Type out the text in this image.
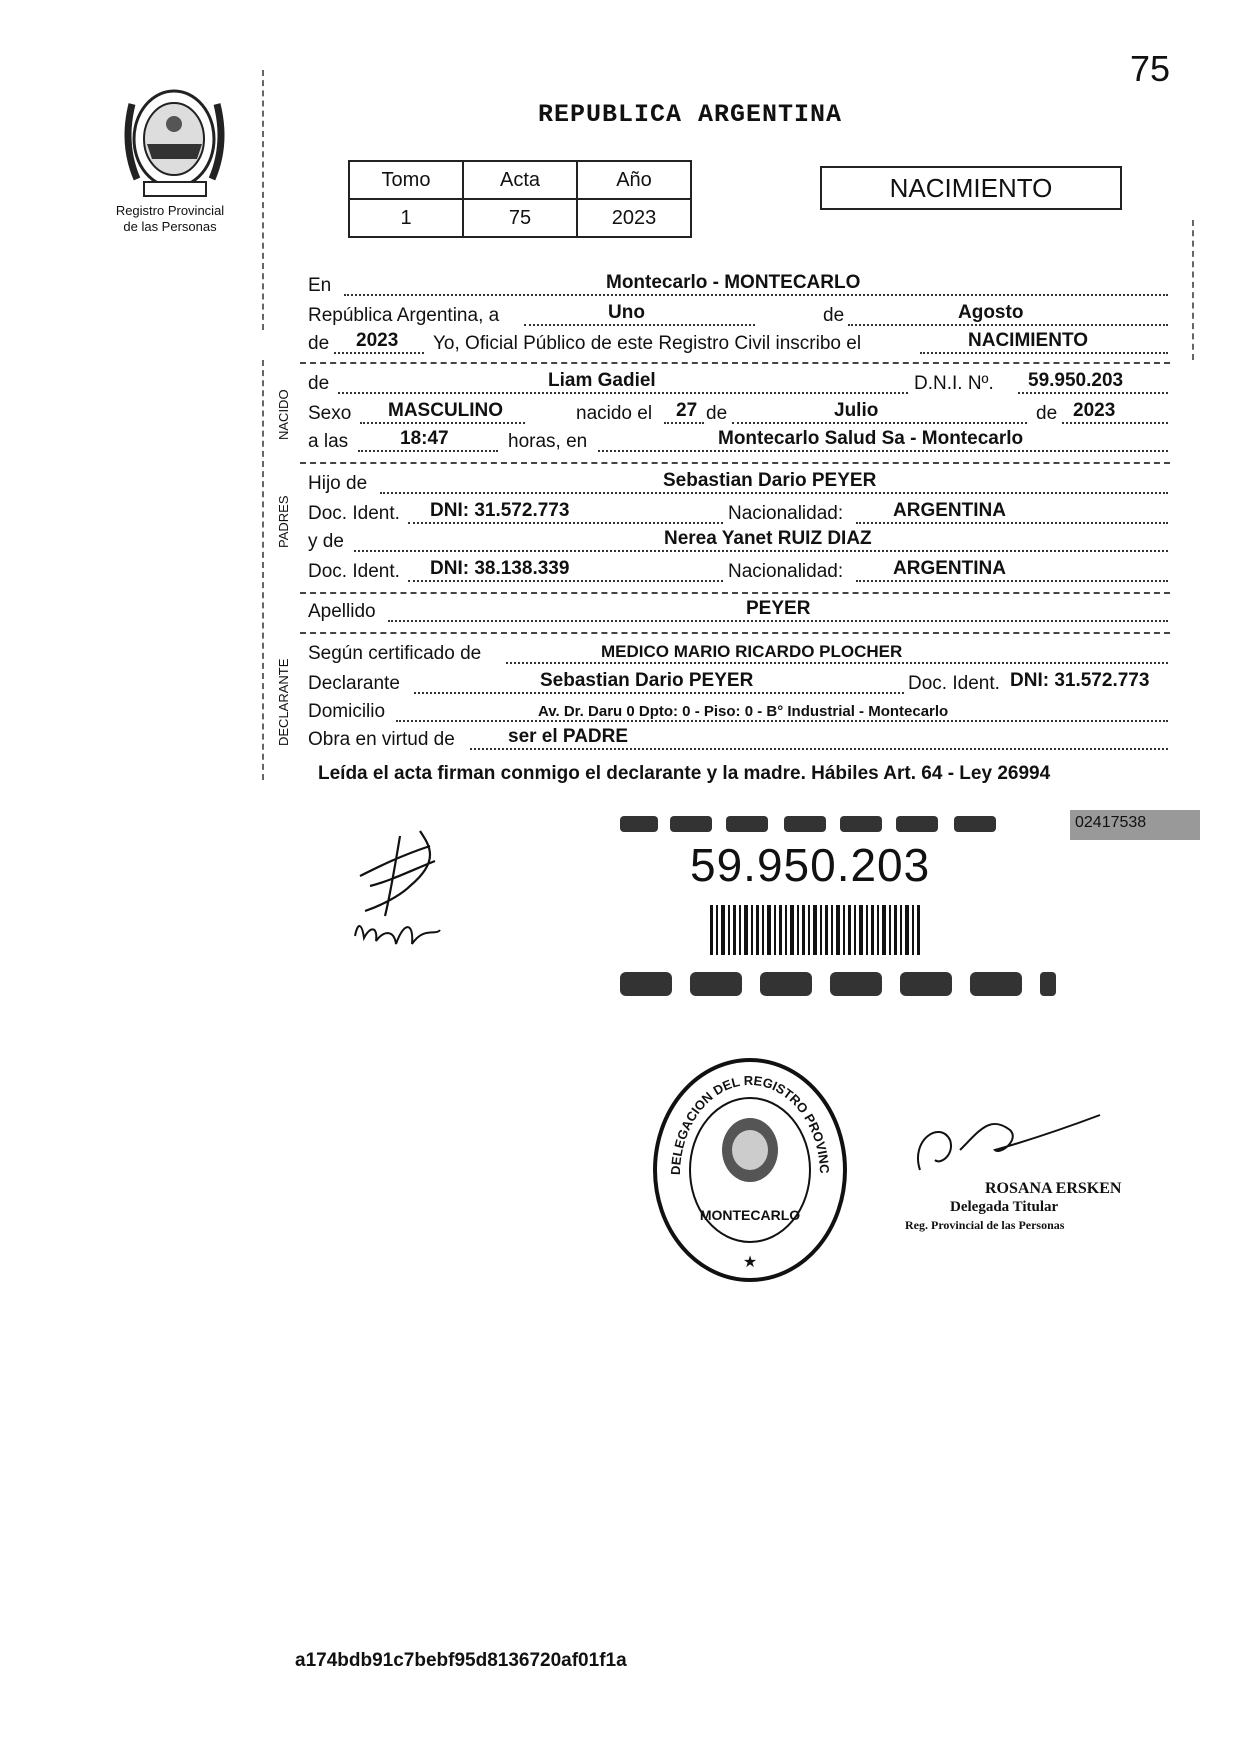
75
Registro Provincial
de las Personas
REPUBLICA ARGENTINA
Tomo	Acta	Año
1	75	2023
NACIMIENTO
En	Montecarlo - MONTECARLO
República Argentina, a	Uno	de	Agosto
de 2023 Yo, Oficial Público de este Registro Civil inscribo el	NACIMIENTO
NACIDO
de	Liam Gadiel	D.N.I. Nº. 59.950.203
Sexo MASCULINO	nacido el 27 de	Julio	de 2023
a las	18:47	horas, en	Montecarlo Salud Sa - Montecarlo
PADRES
Hijo de	Sebastian Dario PEYER
Doc. Ident. DNI: 31.572.773	Nacionalidad:	ARGENTINA
y de	Nerea Yanet RUIZ DIAZ
Doc. Ident. DNI: 38.138.339	Nacionalidad:	ARGENTINA
Apellido	PEYER
DECLARANTE
Según certificado de	MEDICO MARIO RICARDO PLOCHER
Declarante	Sebastian Dario PEYER	Doc. Ident. DNI: 31.572.773
Domicilio	Av. Dr. Daru 0 Dpto: 0 - Piso: 0 - B° Industrial - Montecarlo
Obra en virtud de	ser el PADRE
Leída el acta firman conmigo el declarante y la madre. Hábiles Art. 64 - Ley 26994
02417538
59.950.203
DELEGACION DEL REGISTRO PROVINC
MONTECARLO
★
ROSANA ERSKEN
Delegada Titular
Reg. Provincial de las Personas
a174bdb91c7bebf95d8136720af01f1a
